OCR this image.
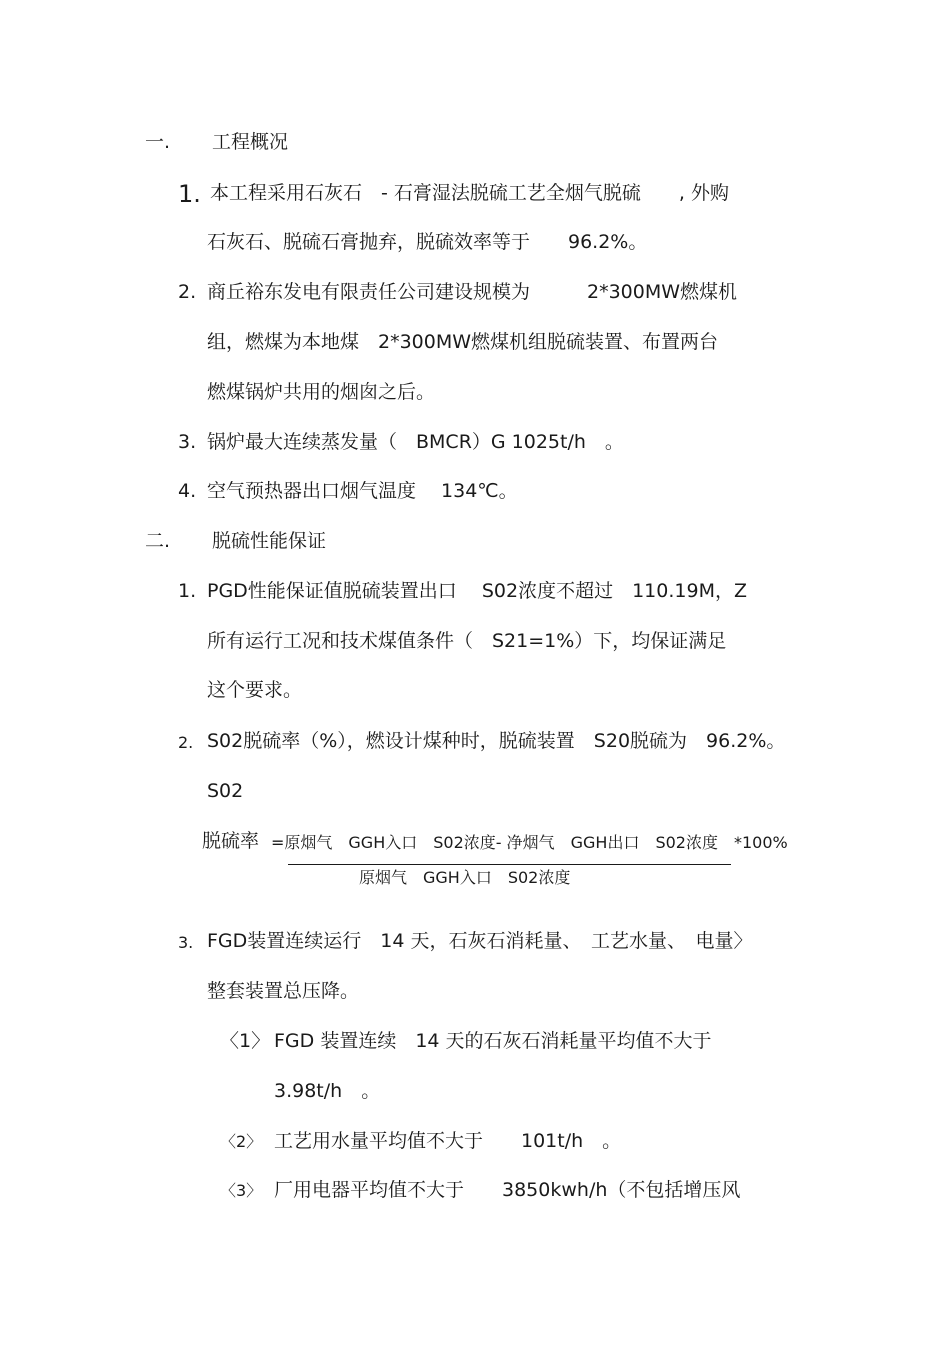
一. 工程概况
1. 本工程采用石灰石　- 石膏湿法脱硫工艺全烟气脱硫　　, 外购
石灰石、脱硫石膏抛弃，脱硫效率等于　　96.2%。
2. 商丘裕东发电有限责任公司建设规模为　　　2*300MW燃煤机
组，燃煤为本地煤　2*300MW燃煤机组脱硫装置、布置两台
燃煤锅炉共用的烟囱之后。
3. 锅炉最大连续蒸发量（　BMCR）G 1025t/h　。
4. 空气预热器出口烟气温度　 134℃。
二. 脱硫性能保证
1. PGD性能保证值脱硫装置出口　 S02浓度不超过　110.19M，Z
所有运行工况和技术煤值条件（　S21=1%）下，均保证满足
这个要求。
2. S02脱硫率（%），燃设计煤种时，脱硫装置　S20脱硫为　96.2%。
S02
脱硫率 =原烟气　GGH入口　S02浓度- 净烟气　GGH出口　S02浓度　*100%
原烟气　GGH入口　S02浓度
3. FGD装置连续运行　14 天，石灰石消耗量、　工艺水量、　电量〉
整套装置总压降。
〈1〉 FGD 装置连续　14 天的石灰石消耗量平均值不大于
3.98t/h　。
〈2〉 工艺用水量平均值不大于　　101t/h　。
〈3〉 厂用电器平均值不大于　　3850kwh/h（不包括增压风
